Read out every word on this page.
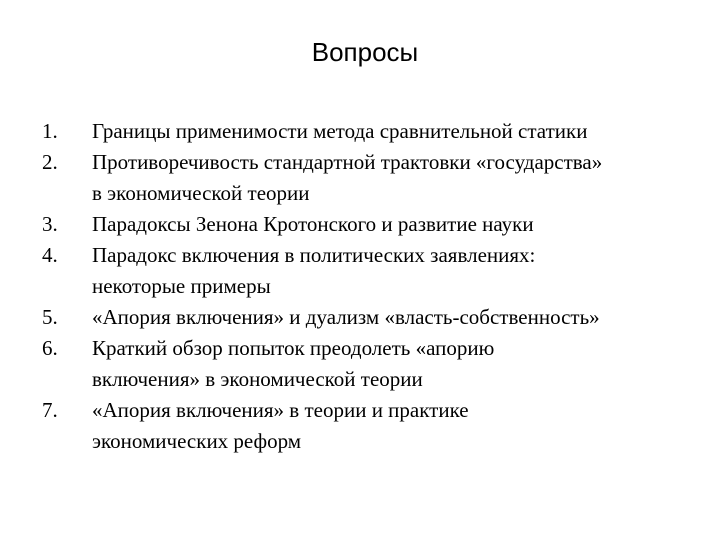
Вопросы
1.	Границы применимости метода сравнительной статики
2.	Противоречивость стандартной трактовки «государства»
в экономической теории
3.	Парадоксы Зенона Кротонского и развитие науки
4.	Парадокс включения в политических заявлениях:
некоторые примеры
5.	«Апория включения» и дуализм «власть-собственность»
6.	Краткий обзор попыток преодолеть «апорию
включения» в экономической теории
7.	«Апория включения» в теории и практике
экономических реформ
